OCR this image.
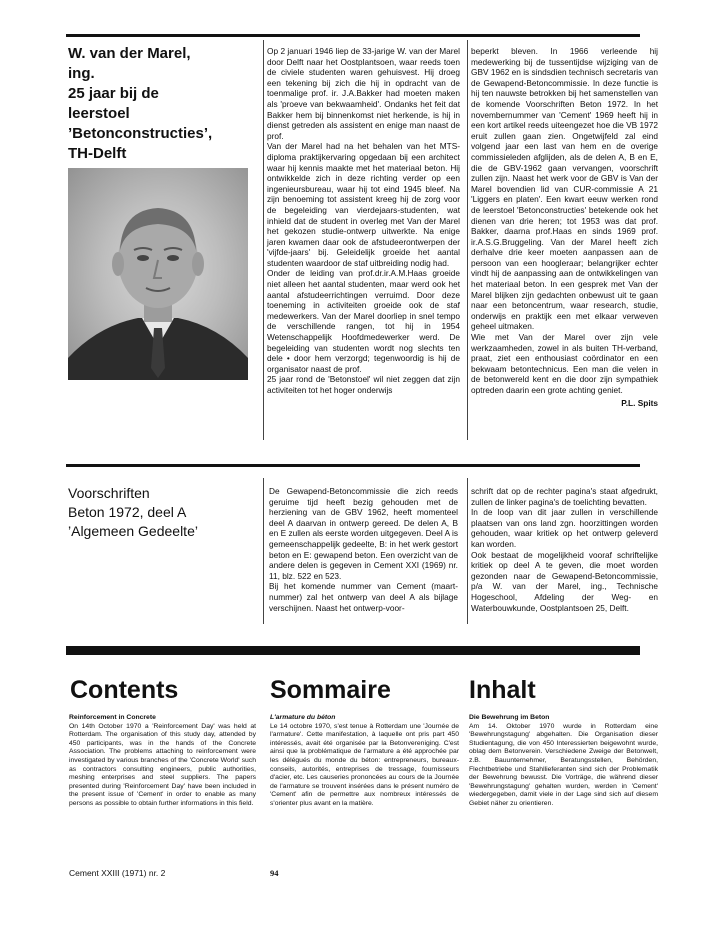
W. van der Marel,
ing.
25 jaar bij de
leerstoel
’Betonconstructies’,
TH-Delft

Op 2 januari 1946 liep de 33-jarige W. van der Marel door Delft naar het Oostplantsoen, waar reeds toen de civiele studenten waren gehuisvest. Hij droeg een tekening bij zich die hij in opdracht van de toenmalige prof. ir. J.A.Bakker had moeten maken als 'proeve van bekwaamheid'. Ondanks het feit dat Bakker hem bij binnenkomst niet herkende, is hij in dienst getreden als assistent en enige man naast de prof.

Van der Marel had na het behalen van het MTS-diploma praktijkervaring opgedaan bij een architect waar hij kennis maakte met het materiaal beton. Hij ontwikkelde zich in deze richting verder op een ingenieursbureau, waar hij tot eind 1945 bleef. Na zijn benoeming tot assistent kreeg hij de zorg voor de begeleiding van vierdejaars-studenten, wat inhield dat de student in overleg met Van der Marel het gekozen studie-ontwerp uitwerkte. Na enige jaren kwamen daar ook de afstudeerontwerpen der 'vijfde-jaars' bij. Geleidelijk groeide het aantal studenten waardoor de staf uitbreiding nodig had.

Onder de leiding van prof.dr.ir.A.M.Haas groeide niet alleen het aantal studenten, maar werd ook het aantal afstudeerrichtingen verruimd. Door deze toeneming in activiteiten groeide ook de staf medewerkers. Van der Marel doorliep in snel tempo de verschillende rangen, tot hij in 1954 Wetenschappelijk Hoofdmedewerker werd. De begeleiding van studenten wordt nog slechts ten dele • door hem verzorgd; tegenwoordig is hij de organisator naast de prof.

25 jaar rond de 'Betonstoel' wil niet zeggen dat zijn activiteiten tot het hoger onderwijs

beperkt bleven. In 1966 verleende hij medewerking bij de tussentijdse wijziging van de GBV 1962 en is sindsdien technisch secretaris van de Gewapend-Betoncommissie. In deze functie is hij ten nauwste betrokken bij het samenstellen van de komende Voorschriften Beton 1972. In het novembernummer van 'Cement' 1969 heeft hij in een kort artikel reeds uiteengezet hoe die VB 1972 eruit zullen gaan zien. Ongetwijfeld zal eind volgend jaar een last van hem en de overige commissieleden afglijden, als de delen A, B en E, die de GBV-1962 gaan vervangen, voorschrift zullen zijn. Naast het werk voor de GBV is Van der Marel bovendien lid van CUR-commissie A 21 'Liggers en platen'. Een kwart eeuw werken rond de leerstoel 'Betonconstructies' betekende ook het dienen van drie heren; tot 1953 was dat prof. Bakker, daarna prof.Haas en sinds 1969 prof. ir.A.S.G.Bruggeling. Van der Marel heeft zich derhalve drie keer moeten aanpassen aan de persoon van een hoogleraar; belangrijker echter vindt hij de aanpassing aan de ontwikkelingen van het materiaal beton. In een gesprek met Van der Marel blijken zijn gedachten onbewust uit te gaan naar een betoncentrum, waar research, studie, onderwijs en praktijk een met elkaar verweven geheel uitmaken.

Wie met Van der Marel over zijn vele werkzaamheden, zowel in als buiten TH-verband, praat, ziet een enthousiast coördinator en een bekwaam betontechnicus. Een man die velen in de betonwereld kent en die door zijn sympathiek optreden daarin een grote achting geniet.

P.L. Spits

Voorschriften
Beton 1972, deel A
’Algemeen Gedeelte’

De Gewapend-Betoncommissie die zich reeds geruime tijd heeft bezig gehouden met de herziening van de GBV 1962, heeft momenteel deel A daarvan in ontwerp gereed. De delen A, B en E zullen als eerste worden uitgegeven. Deel A is gemeenschappelijk gedeelte, B: in het werk gestort beton en E: gewapend beton. Een overzicht van de andere delen is gegeven in Cement XXI (1969) nr. 11, blz. 522 en 523.

Bij het komende nummer van Cement (maart-nummer) zal het ontwerp van deel A als bijlage verschijnen. Naast het ontwerp-voor-

schrift dat op de rechter pagina's staat afgedrukt, zullen de linker pagina's de toelichting bevatten.

In de loop van dit jaar zullen in verschillende plaatsen van ons land zgn. hoorzittingen worden gehouden, waar kritiek op het ontwerp geleverd kan worden.

Ook bestaat de mogelijkheid vooraf schriftelijke kritiek op deel A te geven, die moet worden gezonden naar de Gewapend-Betoncommissie, p/a W. van der Marel, ing., Technische Hogeschool, Afdeling der Weg- en Waterbouwkunde, Oostplantsoen 25, Delft.

Contents	Sommaire	Inhalt
Reinforcement in Concrete

On 14th October 1970 a 'Reinforcement Day' was held at Rotterdam. The organisation of this study day, attended by 450 participants, was in the hands of the Concrete Association. The problems attaching to reinforcement were investigated by various branches of the 'Concrete World' such as contractors consulting engineers, public authorities, meshing enterprises and steel suppliers. The papers presented during 'Reinforcement Day' have been included in the present issue of 'Cement' in order to enable as many persons as possible to obtain further informations in this field.

L'armature du béton

Le 14 octobre 1970, s'est tenue à Rotterdam une 'Journée de l'armature'. Cette manifestation, à laquelle ont pris part 450 intéressés, avait été organisée par la Betonvereniging. C'est ainsi que la problématique de l'armature a été approchée par les délégués du monde du béton: entrepreneurs, bureaux-conseils, autorités, entreprises de tressage, fournisseurs d'acier, etc. Les causeries prononcées au cours de la Journée de l'armature se trouvent insérées dans le présent numéro de 'Cement' afin de permettre aux nombreux intéressés de s'orienter plus avant en la matière.

Die Bewehrung im Beton

Am 14. Oktober 1970 wurde in Rotterdam eine 'Bewehrungstagung' abgehalten. Die Organisation dieser Studientagung, die von 450 Interessierten beigewohnt wurde, oblag dem Betonverein. Verschiedene Zweige der Betonwelt, z.B. Bauunternehmer, Beratungsstellen, Behörden, Flechtbetriebe und Stahllieferanten sind sich der Problematik der Bewehrung bewusst. Die Vorträge, die während dieser 'Bewehrungstagung' gehalten wurden, werden in 'Cement' wiedergegeben, damit viele in der Lage sind sich auf diesem Gebiet näher zu orientieren.

Cement XXIII (1971) nr. 2	94
